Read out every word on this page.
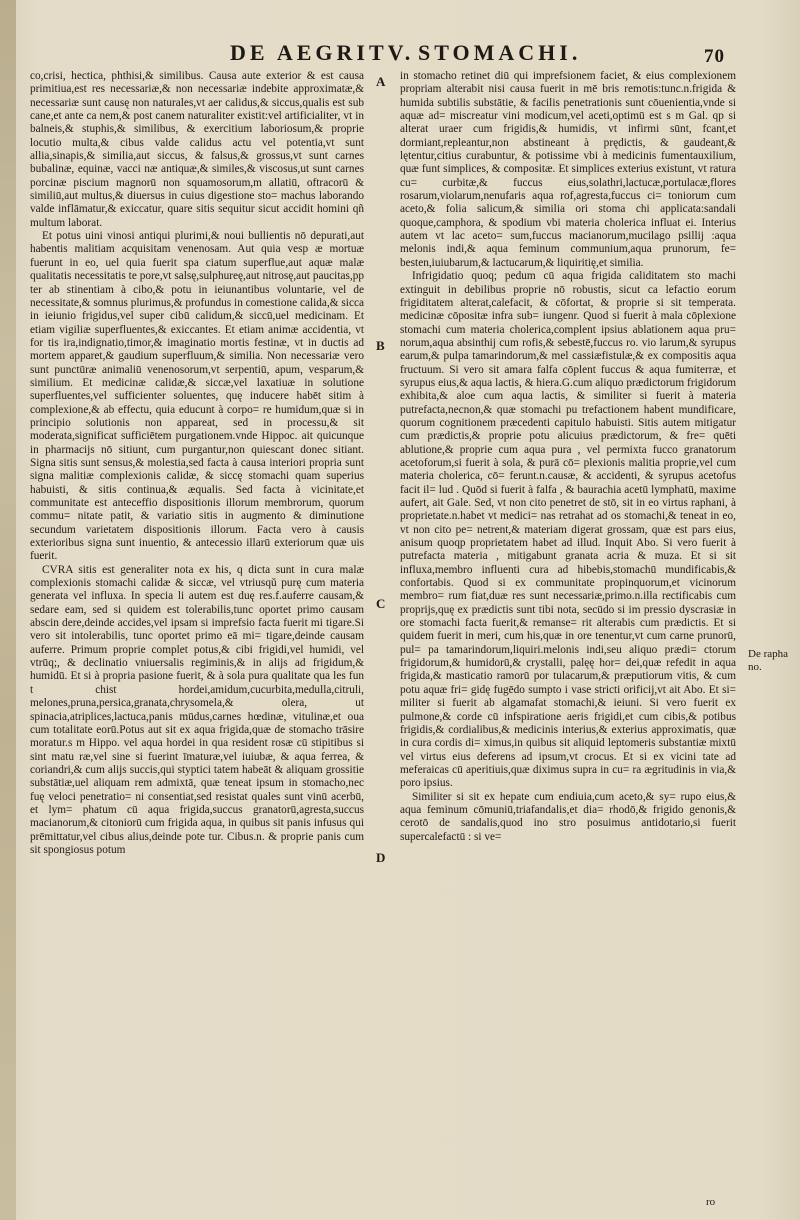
DE AEGRITV. STOMACHI.	70

co,crisi, hectica, phthisi,& similibus. Causa aute exterior & est causa primitiua,est res necessariæ,& non necessariæ indebite approximatæ,& necessariæ sunt causę non naturales,vt aer calidus,& siccus,qualis est sub cane,et ante ca nem,& post canem naturaliter existit:vel artificialiter, vt in balneis,& stuphis,& similibus, & exercitium laboriosum,& proprie locutio multa,& cibus valde calidus actu vel potentia,vt sunt allia,sinapis,& similia,aut siccus, & falsus,& grossus,vt sunt carnes bubalinæ, equinæ, vacci næ antiquæ,& similes,& viscosus,ut sunt carnes porcinæ piscium magnorū non squamosorum,m allatiū, oftracorū & similiū,aut multus,& diuersus in cuius digestione sto= machus laborando valde inflāmatur,& exiccatur, quare sitis sequitur sicut accidit homini qñ multum laborat.

Et potus uini vinosi antiqui plurimi,& noui bullientis nō depurati,aut habentis malitiam acquisitam venenosam. Aut quia vesp æ mortuæ fuerunt in eo, uel quia fuerit spa ciatum superflue,aut aquæ malæ qualitatis necessitatis te pore,vt salsę,sulphureę,aut nitrosę,aut paucitas,pp ter ab stinentiam à cibo,& potu in ieiunantibus voluntarie, vel de necessitate,& somnus plurimus,& profundus in comestione calida,& sicca in ieiunio frigidus,vel super cibū calidum,& siccū,uel medicinam. Et etiam vigiliæ superfluentes,& exiccantes. Et etiam animæ accidentia, vt for tis ira,indignatio,timor,& imaginatio mortis festinæ, vt in ductis ad mortem apparet,& gaudium superfluum,& similia. Non necessariæ vero sunt punctūræ animaliū venenosorum,vt serpentiū, apum, vesparum,& similium. Et medicinæ calidæ,& siccæ,vel laxatiuæ in solutione superfluentes,vel sufficienter soluentes, quę inducere habēt sitim à complexione,& ab effectu, quia educunt à corpo= re humidum,quæ si in principio solutionis non appareat, sed in processu,& sit moderata,significat sufficiētem purgationem.vnde Hippoc. ait quicunque in pharmacijs nō sitiunt, cum purgantur,non quiescant donec sitiant. Signa sitis sunt sensus,& molestia,sed facta à causa interiori propria sunt signa malitiæ complexionis calidæ, & siccę stomachi quam superius habuisti, & sitis continua,& æqualis. Sed facta à vicinitate,et communitate est anteceffio dispositionis illorum membrorum, quorum commu= nitate patit, & variatio sitis in augmento & diminutione secundum varietatem dispositionis illorum. Facta vero à causis exterioribus signa sunt inuentio, & antecessio illarū exteriorum quæ uis fuerit.

CVRA sitis est generaliter nota ex his, q dicta sunt in cura malæ complexionis stomachi calidæ & siccæ, vel vtriusqǔ purę cum materia generata vel influxa. In specia li autem est duę res.f.auferre causam,& sedare eam, sed si quidem est tolerabilis,tunc oportet primo causam abscin dere,deinde accides,vel ipsam si imprefsio facta fuerit mi tigare.Si vero sit intolerabilis, tunc oportet primo eā mi= tigare,deinde causam auferre. Primum proprie complet potus,& cibi frigidi,vel humidi, vel vtrūq;, & declinatio vniuersalis regiminis,& in alijs ad frigidum,& humidū. Et si à propria pasione fuerit, & à sola pura qualitate qua les fun t chist hordei,amidum,cucurbita,medulla,citruli, melones,pruna,persica,granata,chrysomela,& olera, ut spinacia,atriplices,lactuca,panis mūdus,carnes hœdinæ, vitulinæ,et oua cum totalitate eorū.Potus aut sit ex aqua frigida,quæ de stomacho trāsire moratur.s m Hippo. vel aqua hordei in qua resident rosæ cū stipitibus si sint matu ræ,vel sine si fuerint īmaturæ,vel iuiubæ, & aqua ferrea, & coriandri,& cum alijs succis,qui styptici tatem habeāt & aliquam grossitie substātiæ,uel aliquam rem admixtā, quæ teneat ipsum in stomacho,nec fuę veloci penetratio= ni consentiat,sed resistat quales sunt vinū acerbū, et lym= phatum cū aqua frigida,succus granatorū,agresta,succus macianorum,& citoniorū cum frigida aqua, in quibus sit panis infusus qui prēmittatur,vel cibus alius,deinde pote tur. Cibus.n. & proprie panis cum sit spongiosus potum

A
B
C
D

in stomacho retinet diū qui imprefsionem faciet, & eius complexionem propriam alterabit nisi causa fuerit in mē bris remotis:tunc.n.frigida & humida subtilis substātie, & facilis penetrationis sunt cōuenientia,vnde si aquæ ad= miscreatur vini modicum,vel aceti,optimū est s m Gal. qp si alterat uraer cum frigidis,& humidis, vt infirmi sūnt, fcant,et dormiant,repleantur,non abstineant à prędictis, & gaudeant,& lętentur,citius curabuntur, & potissime vbi à medicinis fumentauxilium, quæ funt simplices, & compositæ. Et simplices exterius existunt, vt ratura cu= curbitæ,& fuccus eius,solathri,lactucæ,portulacæ,flores rosarum,violarum,nenufaris aqua rof,agresta,fuccus ci= toniorum cum aceto,& folia salicum,& similia ori stoma chi applicata:sandali quoque,camphora, & spodium vbi materia cholerica influat ei. Interius autem vt lac aceto= sum,fuccus macianorum,mucilago psillij :aqua melonis indi,& aqua feminum communium,aqua prunorum, fe= besten,iuiubarum,& lactucarum,& liquiritię,et similia.

Infrigidatio quoq; pedum cū aqua frigida caliditatem sto machi extinguit in debilibus proprie nō robustis, sicut ca lefactio eorum frigiditatem alterat,calefacit, & cōfortat, & proprie si sit temperata. medicinæ cōpositæ infra sub= iungenr. Quod si fuerit à mala cōplexione stomachi cum materia cholerica,complent ipsius ablationem aqua pru= norum,aqua absinthij cum rofis,& sebestē,fuccus ro. vio larum,& syrupus earum,& pulpa tamarindorum,& mel cassiæfistulæ,& ex compositis aqua fructuum. Si vero sit amara falfa cōplent fuccus & aqua fumiterræ, et syrupus eius,& aqua lactis, & hiera.G.cum aliquo prædictorum frigidorum exhibita,& aloe cum aqua lactis, & similiter si fuerit à materia putrefacta,necnon,& quæ stomachi pu trefactionem habent mundificare, quorum cognitionem præcedenti capitulo habuisti. Sitis autem mitigatur cum prædictis,& proprie potu alicuius prædictorum, & fre= quēti ablutione,& proprie cum aqua pura , vel permixta fucco granatorum acetoforum,si fuerit à sola, & purā cō= plexionis malitia proprie,vel cum materia cholerica, cō= ferunt.n.causæ, & accidenti, & syrupus acetofus facit il= lud . Quōd si fuerit à falfa , & baurachia acetū lymphatū, maxime aufert, ait Gale. Sed, vt non cito penetret de stō, sit in eo virtus raphani, à proprietate.n.habet vt medici= nas retrahat ad os stomachi,& teneat in eo, vt non cito pe= netrent,& materiam digerat grossam, quæ est pars eius, anisum quoqp proprietatem habet ad illud. Inquit Abo. Si vero fuerit à putrefacta materia , mitigabunt granata acria & muza. Et si sit influxa,membro influenti cura ad hibebis,stomachū mundificabis,& confortabis. Quod si ex communitate propinquorum,et vicinorum membro= rum fiat,duæ res sunt necessariæ,primo.n.illa rectificabis cum proprijs,quę ex prædictis sunt tibi nota, secūdo si im pressio dyscrasiæ in ore stomachi facta fuerit,& remanse= rit alterabis cum prædictis. Et si quidem fuerit in meri, cum his,quæ in ore tenentur,vt cum carne prunorū, pul= pa tamarindorum,liquiri.melonis indi,seu aliquo prædi= ctorum frigidorum,& humidorū,& crystalli, palęę hor= dei,quæ refedit in aqua frigida,& masticatio ramorū por tulacarum,& præputiorum vitis, & cum potu aquæ fri= gidę fugēdo sumpto i vase stricti orificij,vt ait Abo. Et si= militer si fuerit ab algamafat stomachi,& ieiuni. Si vero fuerit ex pulmone,& corde cū infspiratione aeris frigidi,et cum cibis,& potibus frigidis,& cordialibus,& medicinis interius,& exterius approximatis, quæ in cura cordis di= ximus,in quibus sit aliquid leptomeris substantiæ mixtū vel virtus eius deferens ad ipsum,vt crocus. Et si ex vicini tate ad meferaicas cū aperitiuis,quæ diximus supra in cu= ra ægritudinis in via,& poro ipsius.

Similiter si sit ex hepate cum endiuia,cum aceto,& sy= rupo eius,& aqua feminum cōmuniū,triafandalis,et dia= rhodō,& frigido genonis,& cerotō de sandalis,quod ino stro posuimus antidotario,si fuerit supercalefactū : si ve=

De rapha no.
ro
